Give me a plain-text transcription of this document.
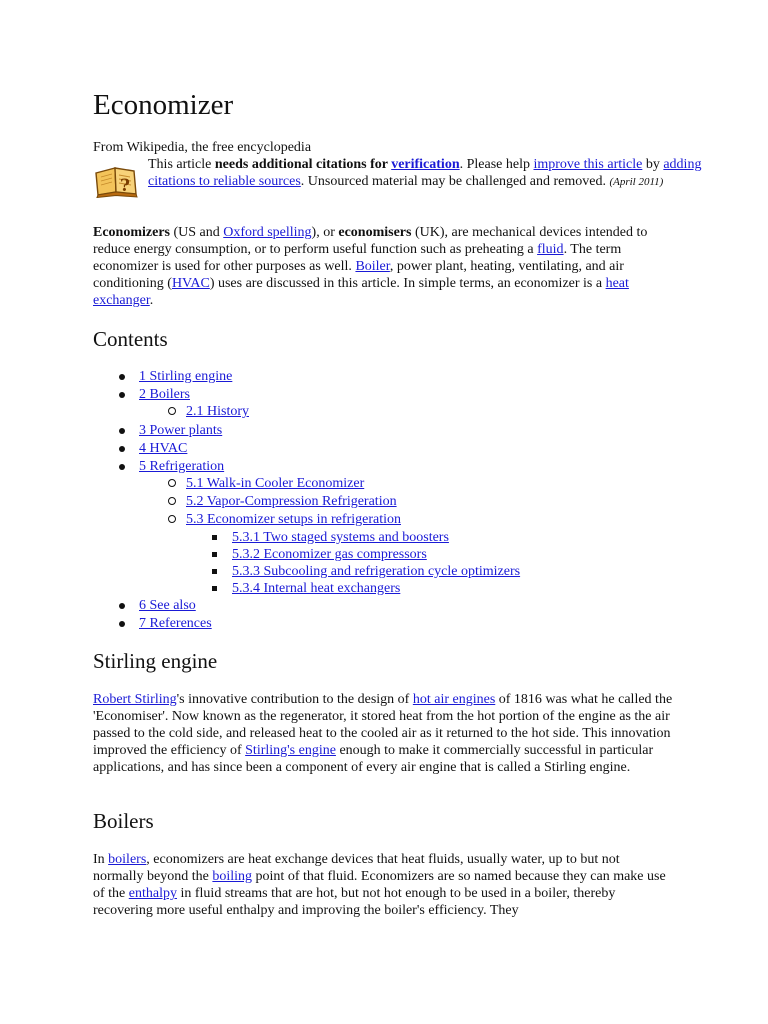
Economizer
From Wikipedia, the free encyclopedia
?
This article needs additional citations for verification. Please help improve this article by adding citations to reliable sources. Unsourced material may be challenged and removed. (April 2011)

Economizers (US and Oxford spelling), or economisers (UK), are mechanical devices intended to reduce energy consumption, or to perform useful function such as preheating a fluid. The term economizer is used for other purposes as well. Boiler, power plant, heating, ventilating, and air conditioning (HVAC) uses are discussed in this article. In simple terms, an economizer is a heat exchanger.

Contents
1 Stirling engine
2 Boilers
2.1 History
3 Power plants
4 HVAC
5 Refrigeration
5.1 Walk-in Cooler Economizer
5.2 Vapor-Compression Refrigeration
5.3 Economizer setups in refrigeration
5.3.1 Two staged systems and boosters
5.3.2 Economizer gas compressors
5.3.3 Subcooling and refrigeration cycle optimizers
5.3.4 Internal heat exchangers
6 See also
7 References
Stirling engine

Robert Stirling's innovative contribution to the design of hot air engines of 1816 was what he called the 'Economiser'. Now known as the regenerator, it stored heat from the hot portion of the engine as the air passed to the cold side, and released heat to the cooled air as it returned to the hot side. This innovation improved the efficiency of Stirling's engine enough to make it commercially successful in particular applications, and has since been a component of every air engine that is called a Stirling engine.

Boilers

In boilers, economizers are heat exchange devices that heat fluids, usually water, up to but not normally beyond the boiling point of that fluid. Economizers are so named because they can make use of the enthalpy in fluid streams that are hot, but not hot enough to be used in a boiler, thereby recovering more useful enthalpy and improving the boiler's efficiency. They
